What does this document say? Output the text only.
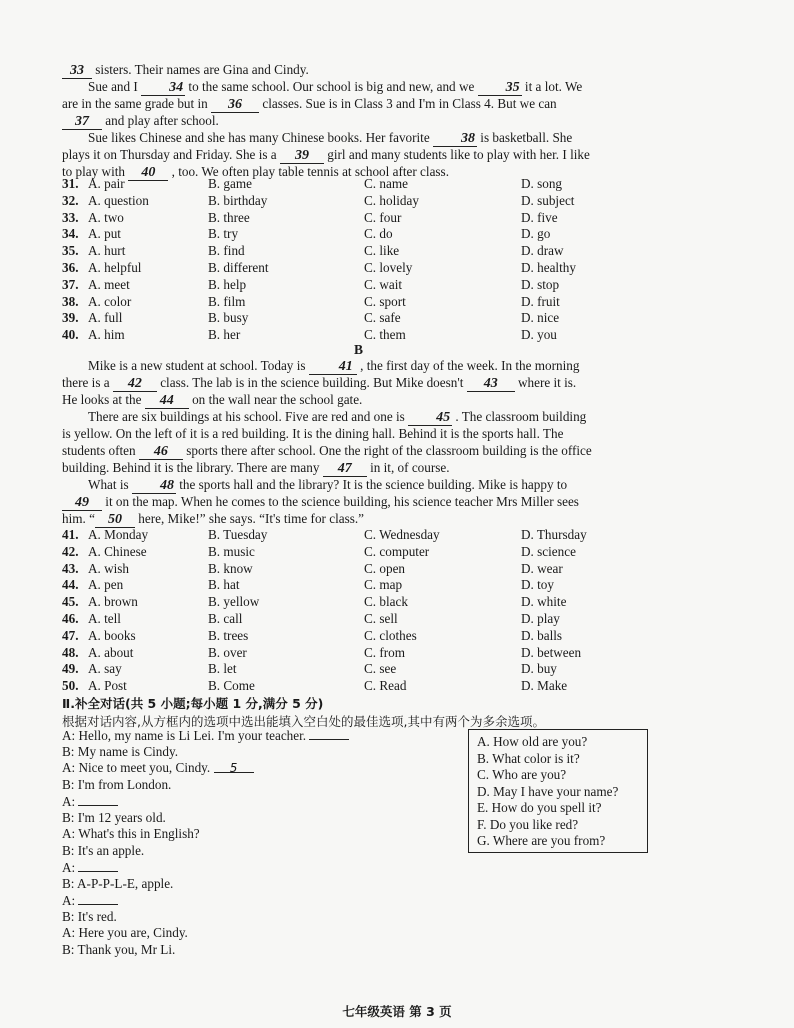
33 sisters. Their names are Gina and Cindy.
Sue and I 34 to the same school. Our school is big and new, and we 35 it a lot. We
are in the same grade but in 36 classes. Sue is in Class 3 and I'm in Class 4. But we can
37 and play after school.
Sue likes Chinese and she has many Chinese books. Her favorite 38 is basketball. She
plays it on Thursday and Friday. She is a 39 girl and many students like to play with her. I like
to play with 40 , too. We often play table tennis at school after class.
31. A. pair	B. game	C. name	D. song
32. A. question	B. birthday	C. holiday	D. subject
33. A. two	B. three	C. four	D. five
34. A. put	B. try	C. do	D. go
35. A. hurt	B. find	C. like	D. draw
36. A. helpful	B. different	C. lovely	D. healthy
37. A. meet	B. help	C. wait	D. stop
38. A. color	B. film	C. sport	D. fruit
39. A. full	B. busy	C. safe	D. nice
40. A. him	B. her	C. them	D. you
B
Mike is a new student at school. Today is 41 , the first day of the week. In the morning
there is a 42 class. The lab is in the science building. But Mike doesn't 43 where it is.
He looks at the 44 on the wall near the school gate.
There are six buildings at his school. Five are red and one is 45 . The classroom building
is yellow. On the left of it is a red building. It is the dining hall. Behind it is the sports hall. The
students often 46 sports there after school. One the right of the classroom building is the office
building. Behind it is the library. There are many 47 in it, of course.
What is 48 the sports hall and the library? It is the science building. Mike is happy to
49 it on the map. When he comes to the science building, his science teacher Mrs Miller sees
him. “ 50 here, Mike!” she says. “It's time for class.”
41. A. Monday	B. Tuesday	C. Wednesday	D. Thursday
42. A. Chinese	B. music	C. computer	D. science
43. A. wish	B. know	C. open	D. wear
44. A. pen	B. hat	C. map	D. toy
45. A. brown	B. yellow	C. black	D. white
46. A. tell	B. call	C. sell	D. play
47. A. books	B. trees	C. clothes	D. balls
48. A. about	B. over	C. from	D. between
49. A. say	B. let	C. see	D. buy
50. A. Post	B. Come	C. Read	D. Make
Ⅱ.补全对话(共 5 小题;每小题 1 分,满分 5 分)
根据对话内容,从方框内的选项中选出能填入空白处的最佳选项,其中有两个为多余选项。
A: Hello, my name is Li Lei. I'm your teacher.
B: My name is Cindy.
A: Nice to meet you, Cindy. 5
B: I'm from London.
A:
B: I'm 12 years old.
A: What's this in English?
B: It's an apple.
A:
B: A-P-P-L-E, apple.
A:
B: It's red.
A: Here you are, Cindy.
B: Thank you, Mr Li.
A. How old are you?
B. What color is it?
C. Who are you?
D. May I have your name?
E. How do you spell it?
F. Do you like red?
G. Where are you from?
七年级英语 第 3 页
